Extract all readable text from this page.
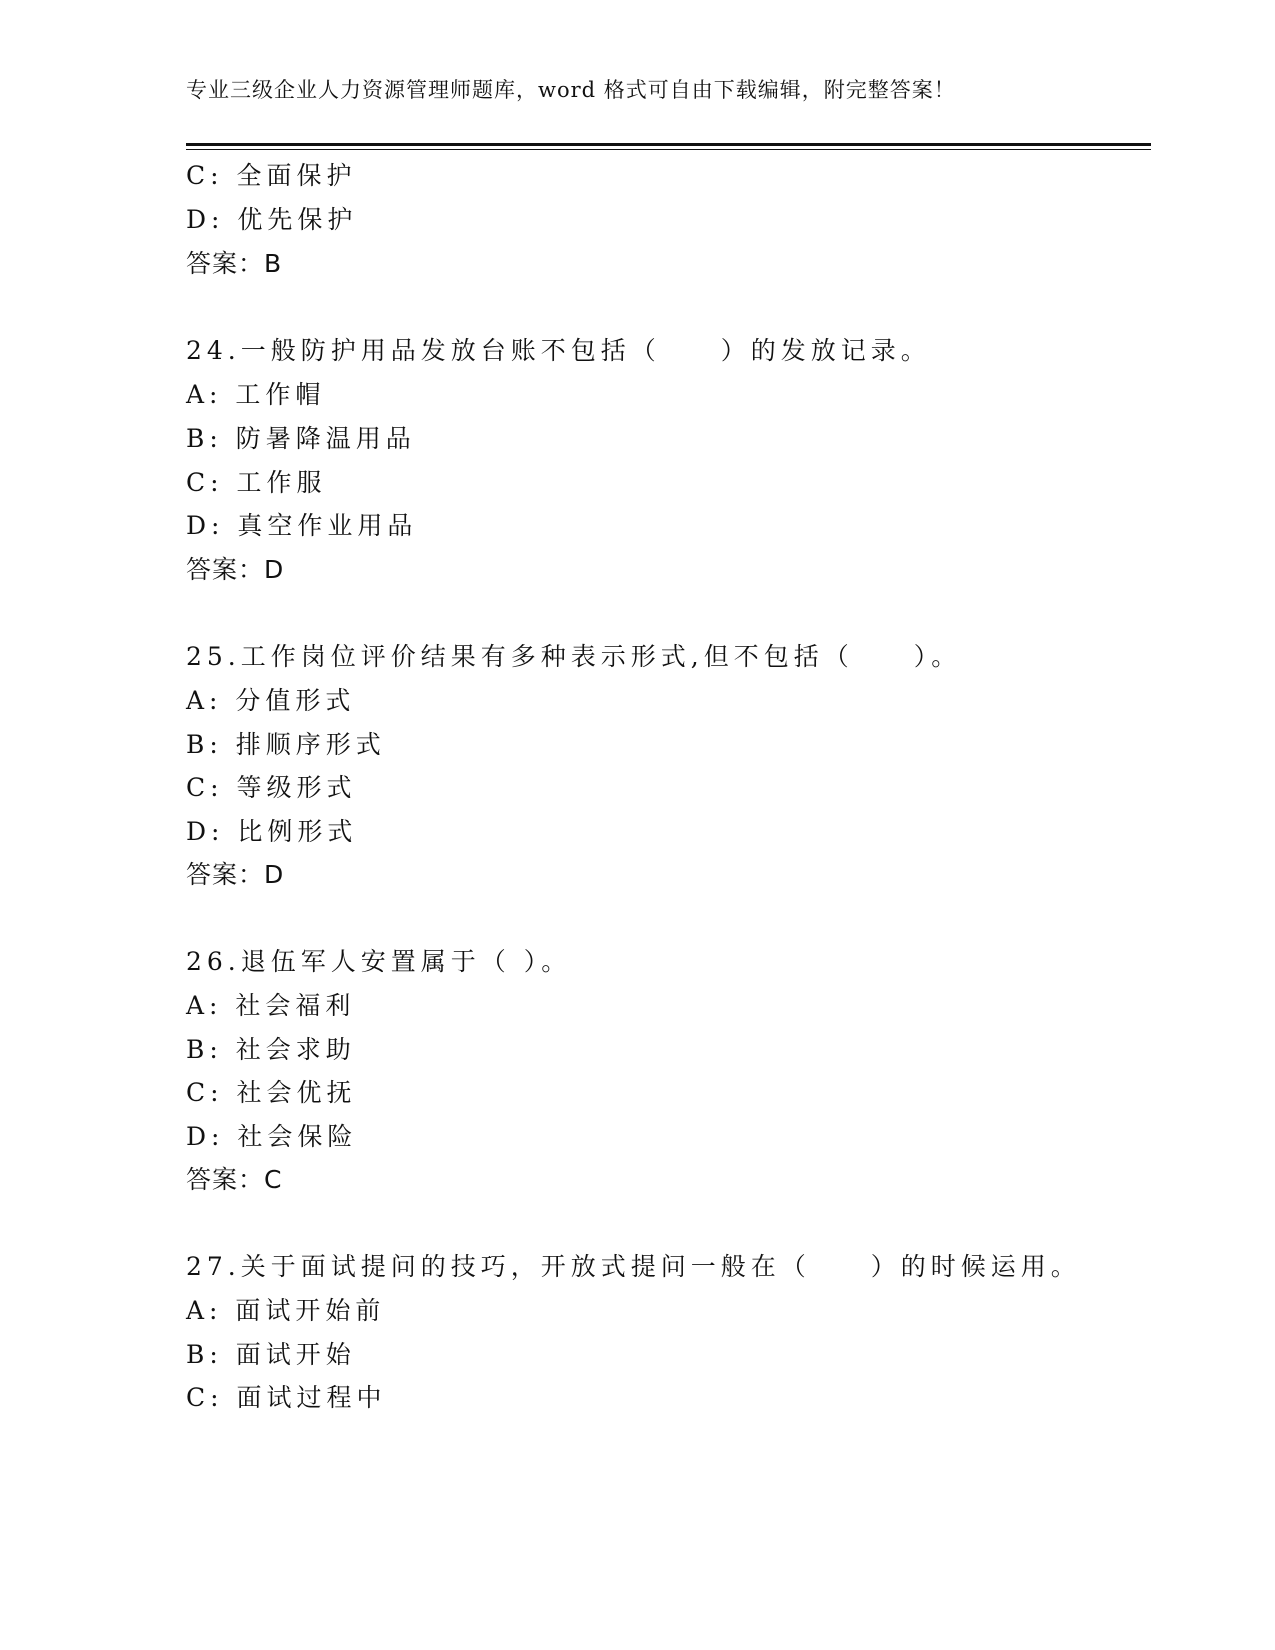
专业三级企业人力资源管理师题库，word 格式可自由下载编辑，附完整答案！
C: 全面保护
D: 优先保护
答案：B
24.一般防护用品发放台账不包括（　　）的发放记录。
A: 工作帽
B: 防暑降温用品
C: 工作服
D: 真空作业用品
答案：D
25.工作岗位评价结果有多种表示形式,但不包括（　　）。
A: 分值形式
B: 排顺序形式
C: 等级形式
D: 比例形式
答案：D
26.退伍军人安置属于（ ）。
A: 社会福利
B: 社会求助
C: 社会优抚
D: 社会保险
答案：C
27.关于面试提问的技巧，开放式提问一般在（　　）的时候运用。
A: 面试开始前
B: 面试开始
C: 面试过程中
